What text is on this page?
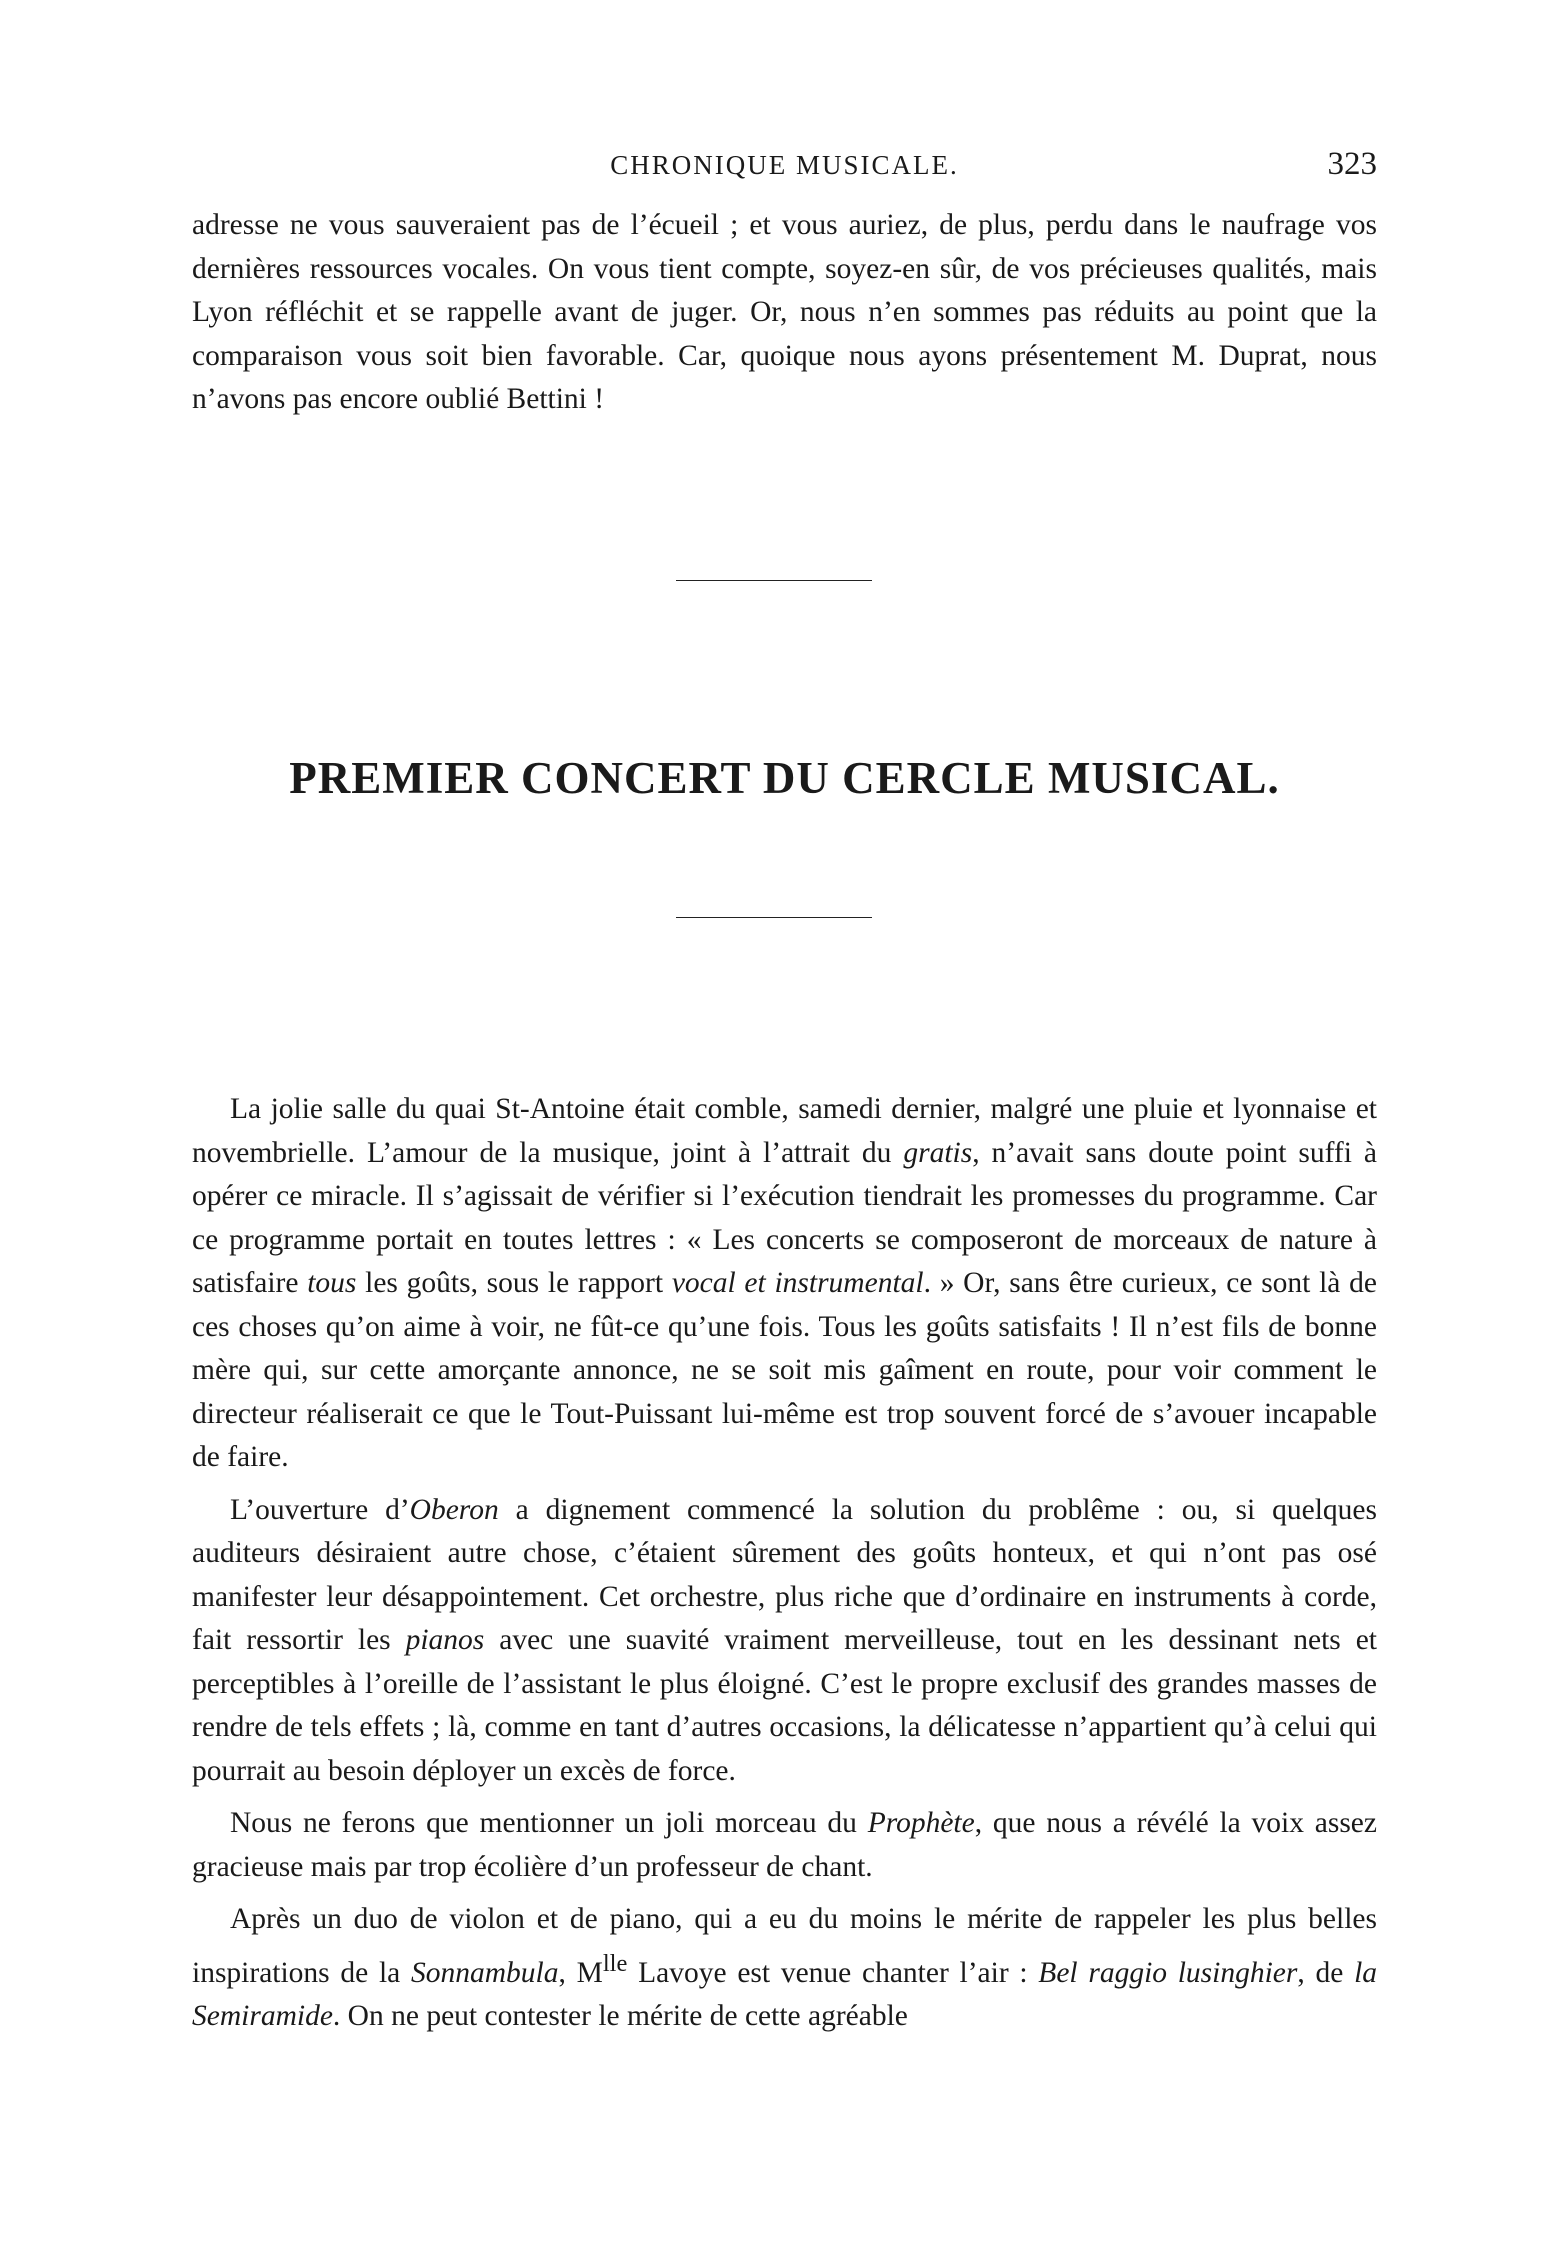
CHRONIQUE MUSICALE.	323

adresse ne vous sauveraient pas de l’écueil ; et vous auriez, de plus, perdu dans le naufrage vos dernières ressources vocales. On vous tient compte, soyez-en sûr, de vos précieuses qualités, mais Lyon réfléchit et se rappelle avant de juger. Or, nous n’en sommes pas réduits au point que la comparaison vous soit bien favorable. Car, quoique nous ayons présentement M. Duprat, nous n’avons pas encore oublié Bettini !

PREMIER CONCERT DU CERCLE MUSICAL.

La jolie salle du quai St-Antoine était comble, samedi dernier, malgré une pluie et lyonnaise et novembrielle. L’amour de la musique, joint à l’attrait du gratis, n’avait sans doute point suffi à opérer ce miracle. Il s’agissait de vérifier si l’exécution tiendrait les promesses du programme. Car ce programme portait en toutes lettres : « Les concerts se composeront de morceaux de nature à satisfaire tous les goûts, sous le rapport vocal et instrumental. » Or, sans être curieux, ce sont là de ces choses qu’on aime à voir, ne fût-ce qu’une fois. Tous les goûts satisfaits ! Il n’est fils de bonne mère qui, sur cette amorçante annonce, ne se soit mis gaîment en route, pour voir comment le directeur réaliserait ce que le Tout-Puissant lui-même est trop souvent forcé de s’avouer incapable de faire.

L’ouverture d’Oberon a dignement commencé la solution du problême : ou, si quelques auditeurs désiraient autre chose, c’étaient sûrement des goûts honteux, et qui n’ont pas osé manifester leur désappointement. Cet orchestre, plus riche que d’ordinaire en instruments à corde, fait ressortir les pianos avec une suavité vraiment merveilleuse, tout en les dessinant nets et perceptibles à l’oreille de l’assistant le plus éloigné. C’est le propre exclusif des grandes masses de rendre de tels effets ; là, comme en tant d’autres occasions, la délicatesse n’appartient qu’à celui qui pourrait au besoin déployer un excès de force.

Nous ne ferons que mentionner un joli morceau du Prophète, que nous a révélé la voix assez gracieuse mais par trop écolière d’un professeur de chant.

Après un duo de violon et de piano, qui a eu du moins le mérite de rappeler les plus belles inspirations de la Sonnambula, $M^{lle}$ Lavoye est venue chanter l’air : Bel raggio lusinghier, de la Semiramide. On ne peut contester le mérite de cette agréable
